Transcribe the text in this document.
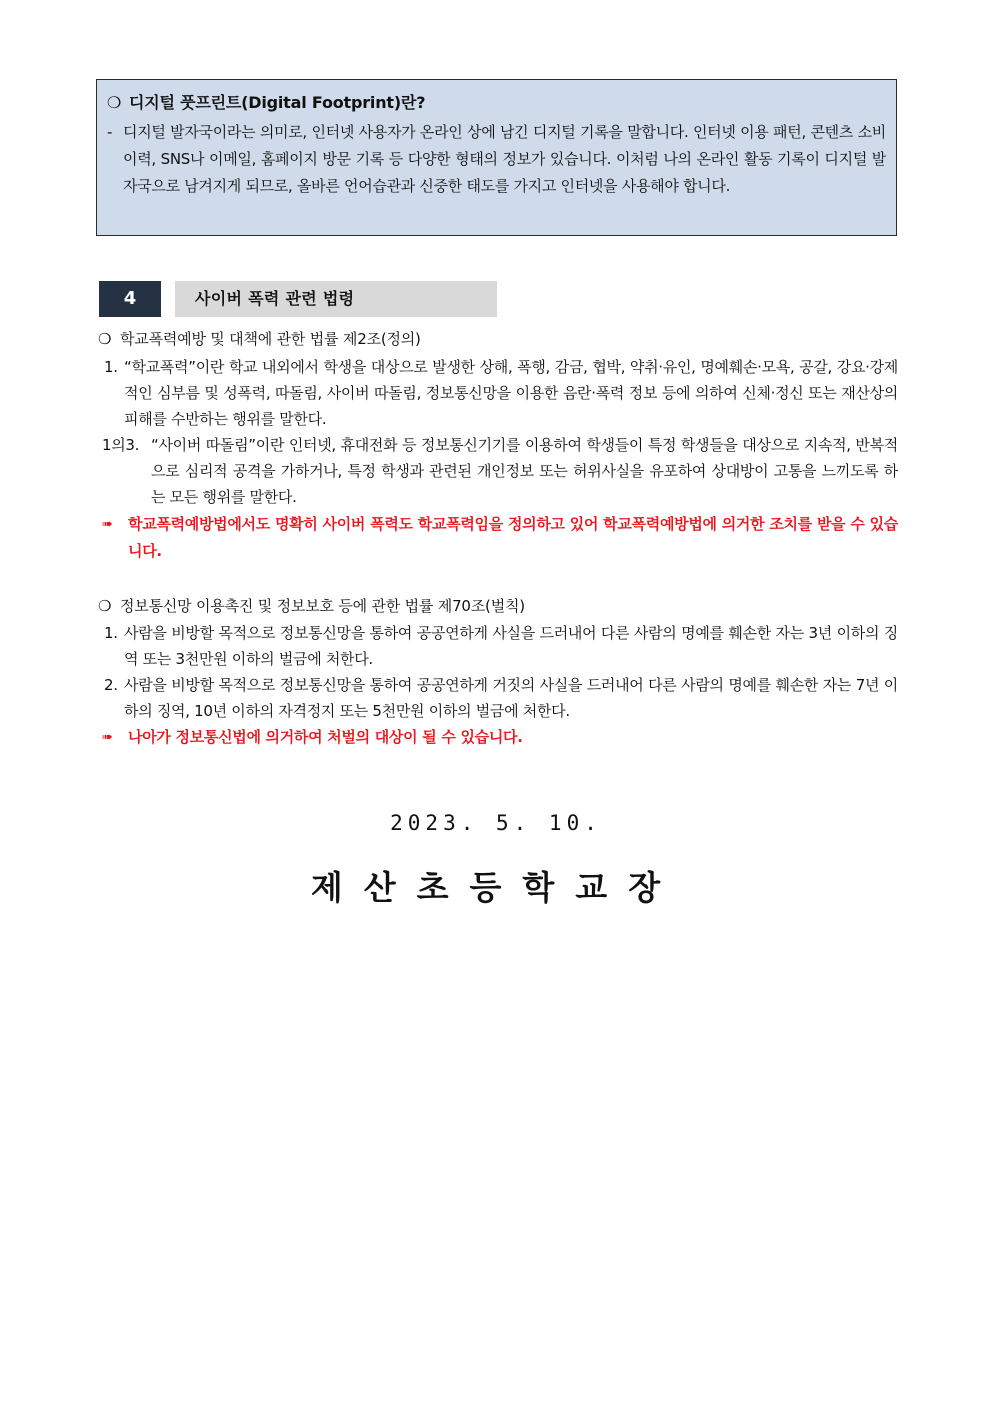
❍ 디지털 풋프린트(Digital Footprint)란?
- 디지털 발자국이라는 의미로, 인터넷 사용자가 온라인 상에 남긴 디지털 기록을 말합니다. 인터넷 이용 패턴, 콘텐츠 소비 이력, SNS나 이메일, 홈페이지 방문 기록 등 다양한 형태의 정보가 있습니다. 이처럼 나의 온라인 활동 기록이 디지털 발자국으로 남겨지게 되므로, 올바른 언어습관과 신중한 태도를 가지고 인터넷을 사용해야 합니다.
4	사이버 폭력 관련 법령
❍ 학교폭력예방 및 대책에 관한 법률 제2조(정의)
1. “학교폭력”이란 학교 내외에서 학생을 대상으로 발생한 상해, 폭행, 감금, 협박, 약취·유인, 명예훼손·모욕, 공갈, 강요·강제적인 심부름 및 성폭력, 따돌림, 사이버 따돌림, 정보통신망을 이용한 음란·폭력 정보 등에 의하여 신체·정신 또는 재산상의 피해를 수반하는 행위를 말한다.
1의3. “사이버 따돌림”이란 인터넷, 휴대전화 등 정보통신기기를 이용하여 학생들이 특정 학생들을 대상으로 지속적, 반복적으로 심리적 공격을 가하거나, 특정 학생과 관련된 개인정보 또는 허위사실을 유포하여 상대방이 고통을 느끼도록 하는 모든 행위를 말한다.
➠	학교폭력예방법에서도 명확히 사이버 폭력도 학교폭력임을 정의하고 있어 학교폭력예방법에 의거한 조치를 받을 수 있습니다.
❍ 정보통신망 이용촉진 및 정보보호 등에 관한 법률 제70조(벌칙)
1. 사람을 비방할 목적으로 정보통신망을 통하여 공공연하게 사실을 드러내어 다른 사람의 명예를 훼손한 자는 3년 이하의 징역 또는 3천만원 이하의 벌금에 처한다.
2. 사람을 비방할 목적으로 정보통신망을 통하여 공공연하게 거짓의 사실을 드러내어 다른 사람의 명예를 훼손한 자는 7년 이하의 징역, 10년 이하의 자격정지 또는 5천만원 이하의 벌금에 처한다.
➠	나아가 정보통신법에 의거하여 처벌의 대상이 될 수 있습니다.
2023. 5. 10.
제산초등학교장
